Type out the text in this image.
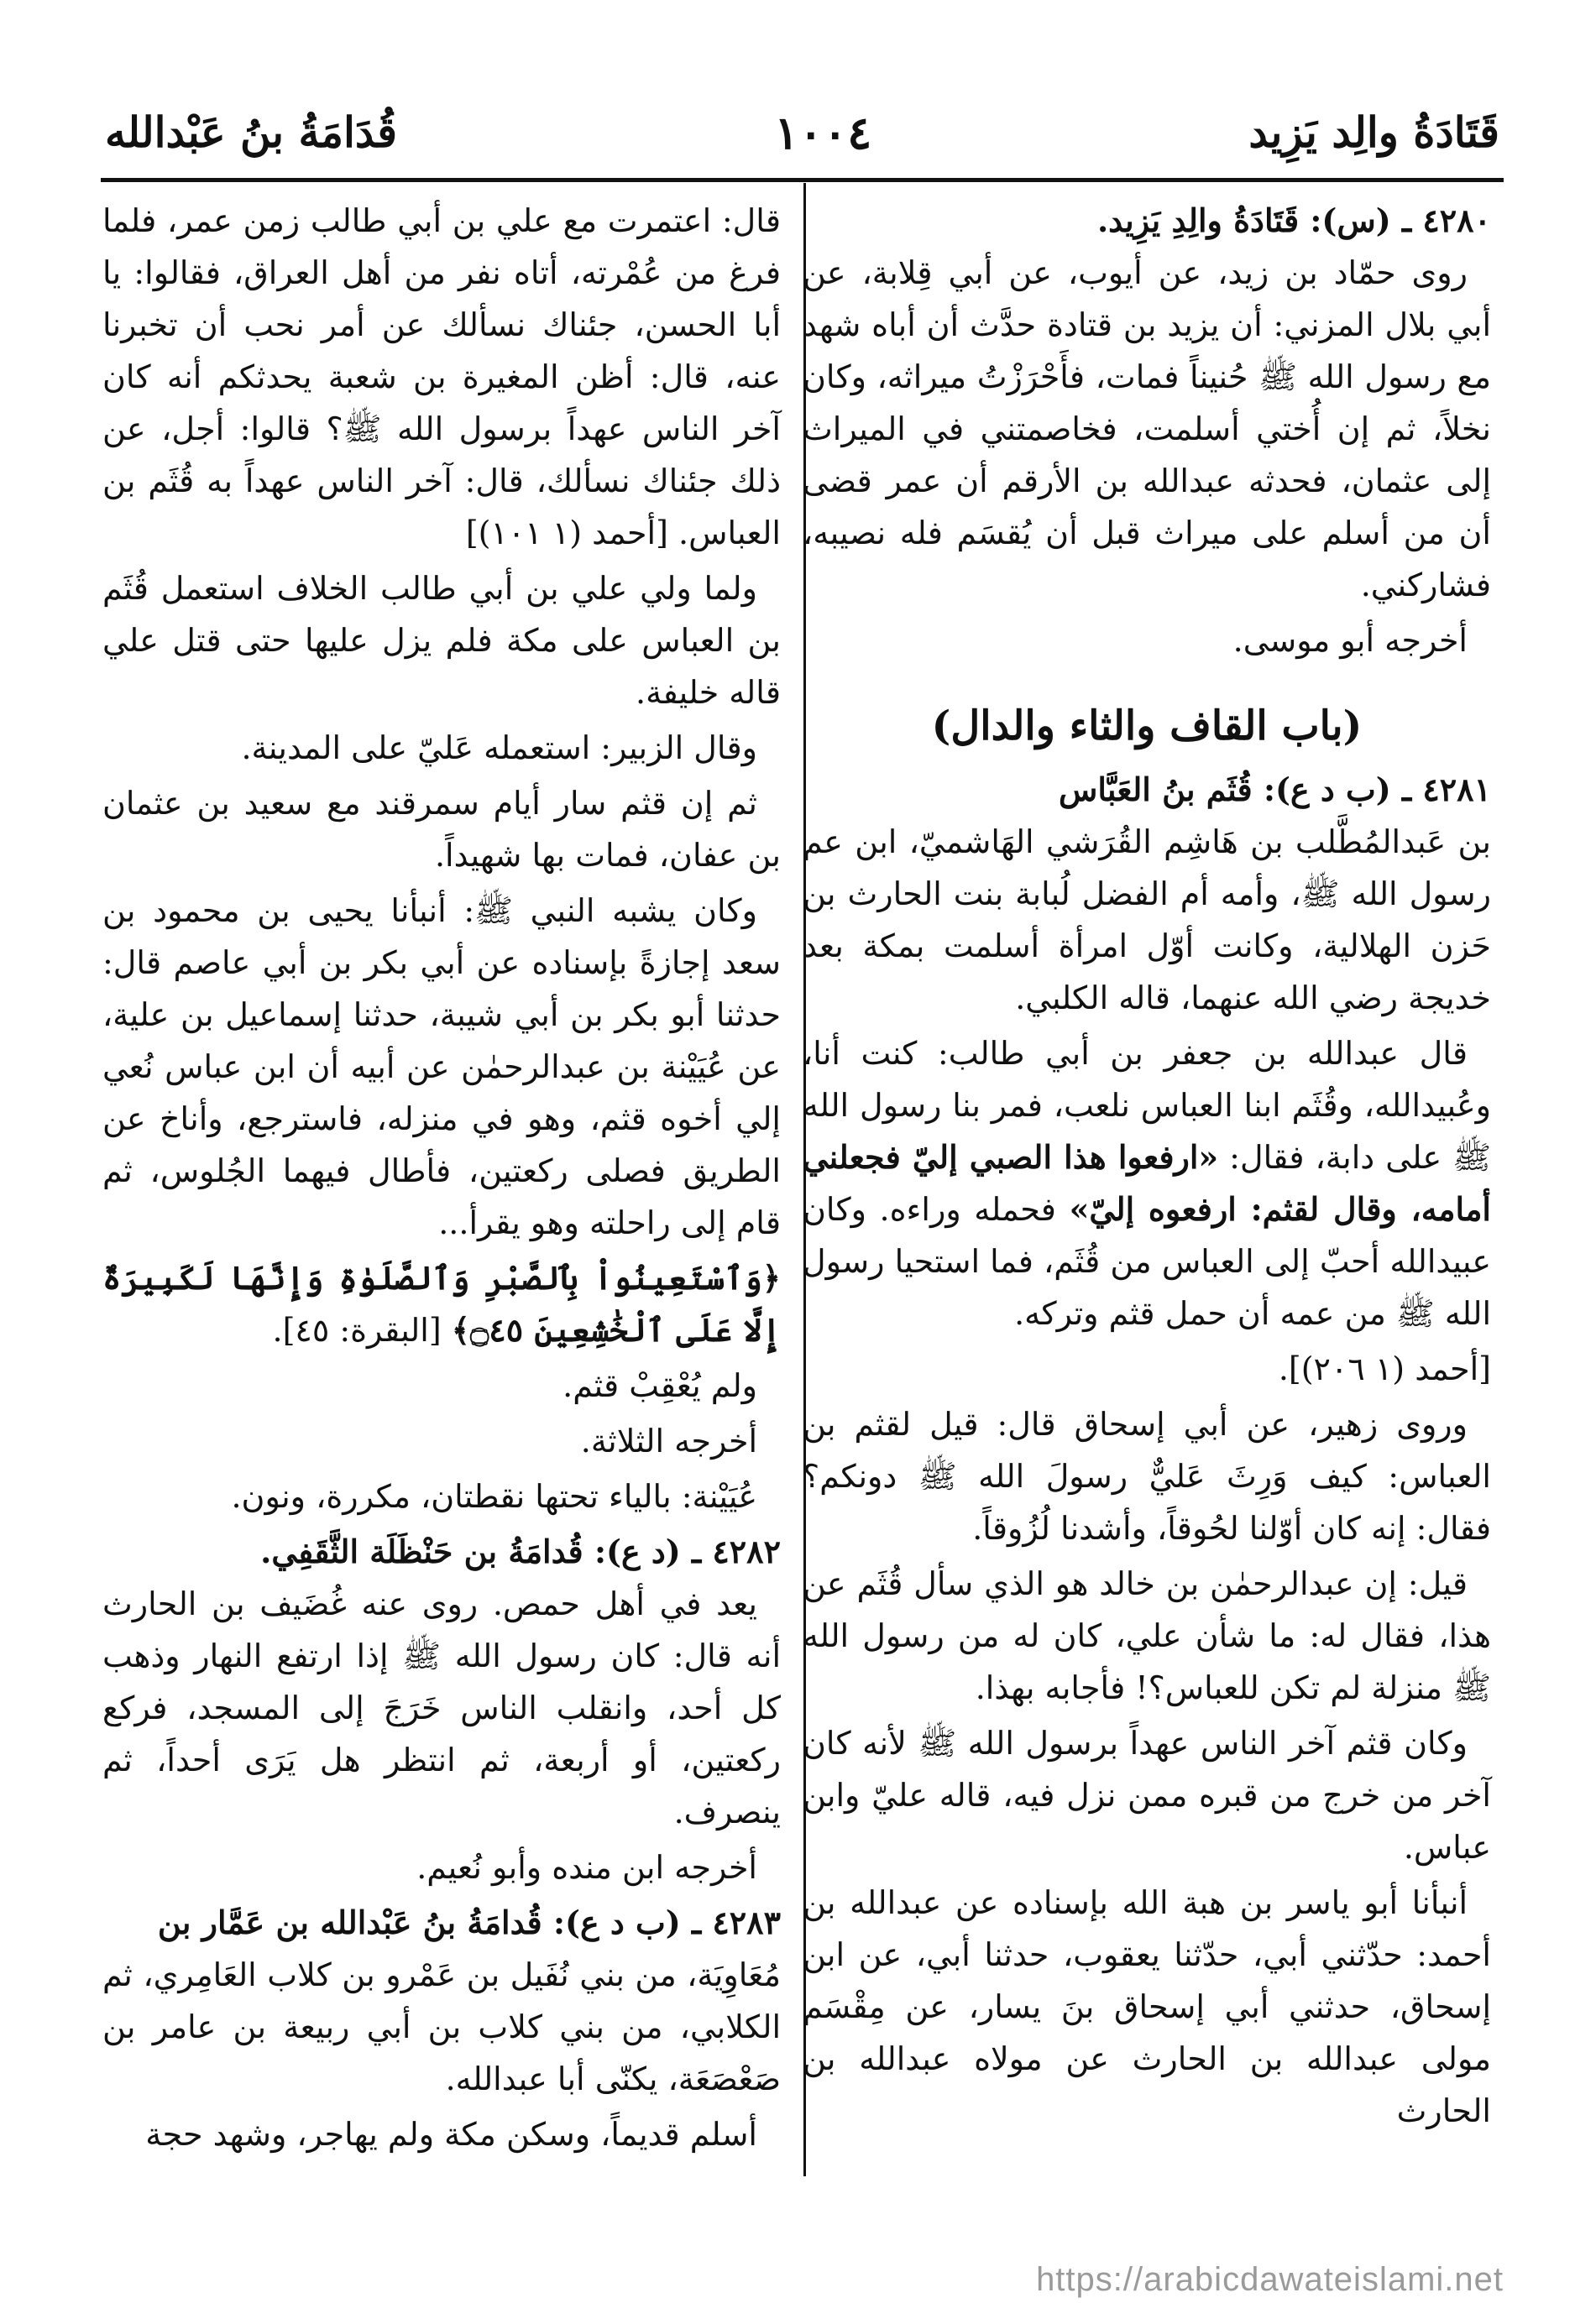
قَتَادَةُ والِد يَزِيد
١٠٠٤
قُدَامَةُ بنُ عَبْدالله

٤٢٨٠ ـ (س): قَتَادَةُ والِدِ يَزِيد.

روى حمّاد بن زيد، عن أيوب، عن أبي قِلابة، عن أبي بلال المزني: أن يزيد بن قتادة حدَّث أن أباه شهد مع رسول الله ﷺ حُنيناً فمات، فأَحْرَزْتُ ميراثه، وكان نخلاً، ثم إن أُختي أسلمت، فخاصمتني في الميراث إلى عثمان، فحدثه عبدالله بن الأرقم أن عمر قضى أن من أسلم على ميراث قبل أن يُقسَم فله نصيبه، فشاركني.

أخرجه أبو موسى.

(باب القاف والثاء والدال)

٤٢٨١ ـ (ب د ع): قُثَم بنُ العَبَّاس

بن عَبدالمُطَّلب بن هَاشِم القُرَشي الهَاشميّ، ابن عم رسول الله ﷺ، وأمه أم الفضل لُبابة بنت الحارث بن حَزن الهلالية، وكانت أوّل امرأة أسلمت بمكة بعد خديجة رضي الله عنهما، قاله الكلبي.

قال عبدالله بن جعفر بن أبي طالب: كنت أنا، وعُبيدالله، وقُثَم ابنا العباس نلعب، فمر بنا رسول الله ﷺ على دابة، فقال: «ارفعوا هذا الصبي إليّ فجعلني أمامه، وقال لقثم: ارفعوه إليّ» فحمله وراءه. وكان عبيدالله أحبّ إلى العباس من قُثَم، فما استحيا رسول الله ﷺ من عمه أن حمل قثم وتركه.

[أحمد (١ ٢٠٦)].

وروى زهير، عن أبي إسحاق قال: قيل لقثم بن العباس: كيف وَرِثَ عَليٌّ رسولَ الله ﷺ دونكم؟ فقال: إنه كان أوّلنا لحُوقاً، وأشدنا لُزُوقاً.

قيل: إن عبدالرحمٰن بن خالد هو الذي سأل قُثَم عن هذا، فقال له: ما شأن علي، كان له من رسول الله ﷺ منزلة لم تكن للعباس؟! فأجابه بهذا.

وكان قثم آخر الناس عهداً برسول الله ﷺ لأنه كان آخر من خرج من قبره ممن نزل فيه، قاله عليّ وابن عباس.

أنبأنا أبو ياسر بن هبة الله بإسناده عن عبدالله بن أحمد: حدّثني أبي، حدّثنا يعقوب، حدثنا أبي، عن ابن إسحاق، حدثني أبي إسحاق بنَ يسار، عن مِقْسَم مولى عبدالله بن الحارث عن مولاه عبدالله بن الحارث

قال: اعتمرت مع علي بن أبي طالب زمن عمر، فلما فرغ من عُمْرته، أتاه نفر من أهل العراق، فقالوا: يا أبا الحسن، جئناك نسألك عن أمر نحب أن تخبرنا عنه، قال: أظن المغيرة بن شعبة يحدثكم أنه كان آخر الناس عهداً برسول الله ﷺ؟ قالوا: أجل، عن ذلك جئناك نسألك، قال: آخر الناس عهداً به قُثَم بن العباس. [أحمد (١ ١٠١)]

ولما ولي علي بن أبي طالب الخلاف استعمل قُثَم بن العباس على مكة فلم يزل عليها حتى قتل علي قاله خليفة.

وقال الزبير: استعمله عَليّ على المدينة.

ثم إن قثم سار أيام سمرقند مع سعيد بن عثمان بن عفان، فمات بها شهيداً.

وكان يشبه النبي ﷺ: أنبأنا يحيى بن محمود بن سعد إجازةً بإسناده عن أبي بكر بن أبي عاصم قال: حدثنا أبو بكر بن أبي شيبة، حدثنا إسماعيل بن علية، عن عُيَيْنة بن عبدالرحمٰن عن أبيه أن ابن عباس نُعي إلي أخوه قثم، وهو في منزله، فاسترجع، وأناخ عن الطريق فصلى ركعتين، فأطال فيهما الجُلوس، ثم قام إلى راحلته وهو يقرأ...

﴿وَٱسْتَعِينُواْ بِٱلصَّبْرِ وَٱلصَّلَوٰةِ وَإِنَّهَا لَكَبِيرَةٌ إِلَّا عَلَى ٱلْخَٰشِعِينَ ۝٤٥﴾ [البقرة: ٤٥].

ولم يُعْقِبْ قثم.

أخرجه الثلاثة.

عُيَيْنة: بالياء تحتها نقطتان، مكررة، ونون.

٤٢٨٢ ـ (د ع): قُدامَةُ بن حَنْظَلَة الثَّقَفِي.

يعد في أهل حمص. روى عنه غُضَيف بن الحارث أنه قال: كان رسول الله ﷺ إذا ارتفع النهار وذهب كل أحد، وانقلب الناس خَرَجَ إلى المسجد، فركع ركعتين، أو أربعة، ثم انتظر هل يَرَى أحداً، ثم ينصرف.

أخرجه ابن منده وأبو نُعيم.

٤٢٨٣ ـ (ب د ع): قُدامَةُ بنُ عَبْدالله بن عَمَّار بن

مُعَاوِيَة، من بني نُفَيل بن عَمْرو بن كلاب العَامِري، ثم الكلابي، من بني كلاب بن أبي ربيعة بن عامر بن صَعْصَعَة، يكنّى أبا عبدالله.

أسلم قديماً، وسكن مكة ولم يهاجر، وشهد حجة

https://arabicdawateislami.net
